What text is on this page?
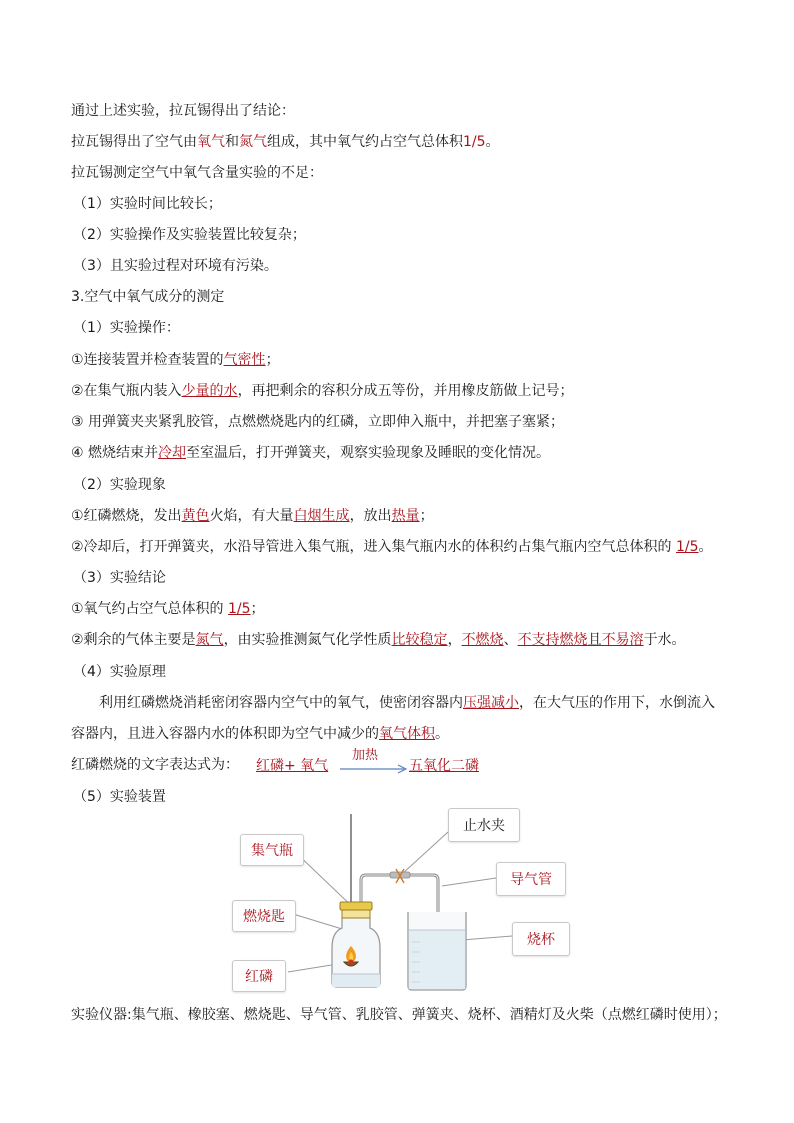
通过上述实验，拉瓦锡得出了结论：
拉瓦锡得出了空气由氧气和氮气组成，其中氧气约占空气总体积1/5。
拉瓦锡测定空气中氧气含量实验的不足：
（1）实验时间比较长；
（2）实验操作及实验装置比较复杂；
（3）且实验过程对环境有污染。
3.空气中氧气成分的测定
（1）实验操作：
①连接装置并检查装置的气密性；
②在集气瓶内装入少量的水，再把剩余的容积分成五等份，并用橡皮筋做上记号；
③ 用弹簧夹夹紧乳胶管，点燃燃烧匙内的红磷，立即伸入瓶中，并把塞子塞紧；
④ 燃烧结束并冷却至室温后，打开弹簧夹，观察实验现象及睡眠的变化情况。
（2）实验现象
①红磷燃烧，发出黄色火焰，有大量白烟生成，放出热量；
②冷却后，打开弹簧夹，水沿导管进入集气瓶，进入集气瓶内水的体积约占集气瓶内空气总体积的 1/5。
（3）实验结论
①氧气约占空气总体积的 1/5；
②剩余的气体主要是氮气，由实验推测氮气化学性质比较稳定，不燃烧、不支持燃烧且不易溶于水。
（4）实验原理
利用红磷燃烧消耗密闭容器内空气中的氧气，使密闭容器内压强减小，在大气压的作用下，水倒流入
容器内，且进入容器内水的体积即为空气中减少的氧气体积。
红磷燃烧的文字表达式为： 红磷+ 氧气
加热
五氧化二磷
（5）实验装置
集气瓶
燃烧匙
红磷
止水夹
导气管
烧杯
实验仪器:集气瓶、橡胶塞、燃烧匙、导气管、乳胶管、弹簧夹、烧杯、酒精灯及火柴（点燃红磷时使用）；
